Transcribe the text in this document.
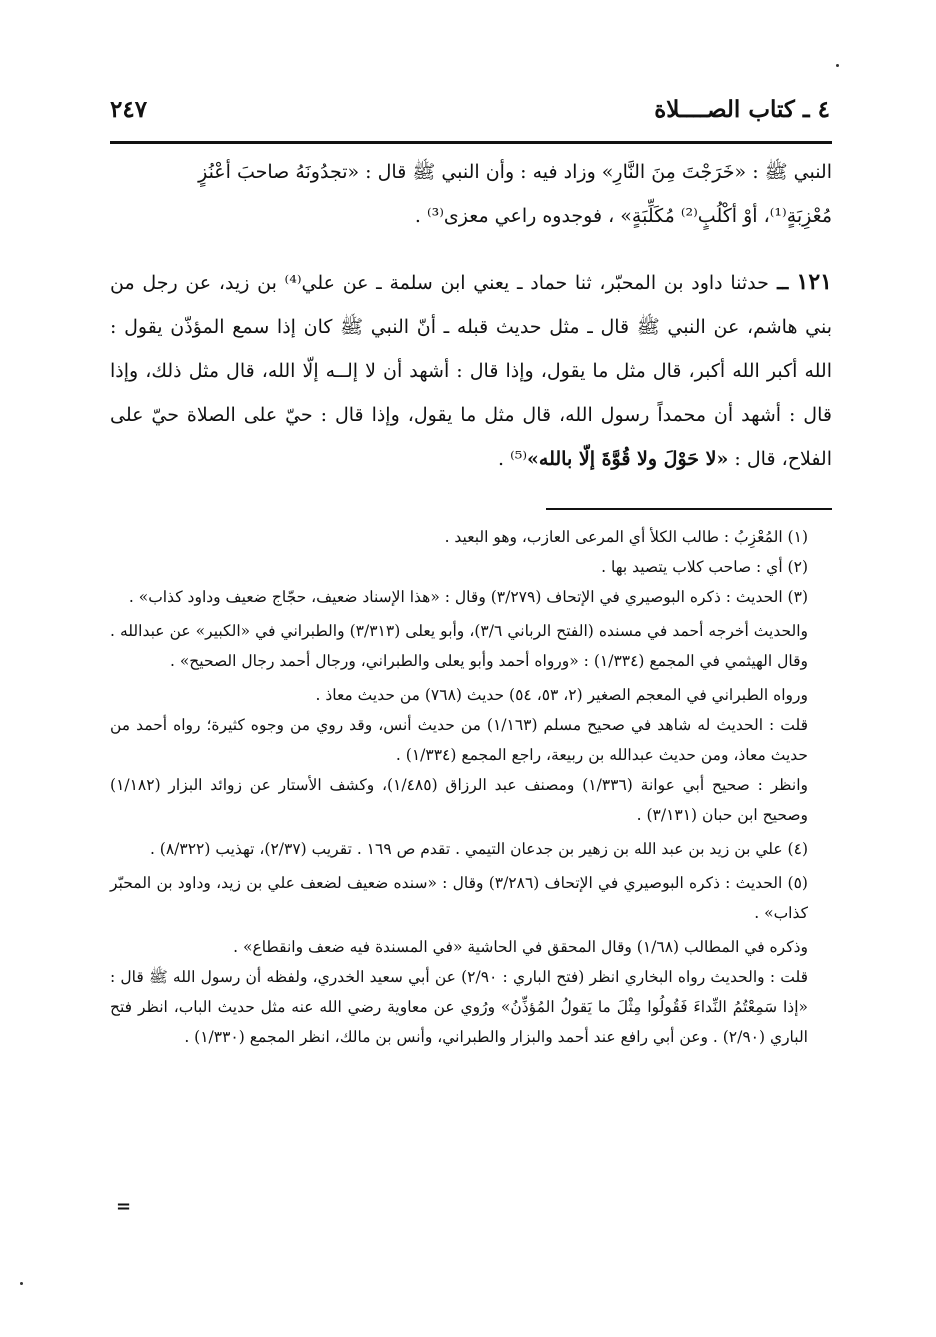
٤ ـ كتاب الصــــلاة
٢٤٧

النبي ﷺ : «خَرَجْتَ مِنَ النَّارِ» وزاد فيه : وأن النبي ﷺ قال : «تجدُونَهُ صاحبَ أعْنُزٍ

مُعْزِبَةٍ⁽¹⁾، أوْ أكْلُبٍ⁽²⁾ مُكَلِّبَةٍ» ، فوجدوه راعي معزى⁽³⁾ .

١٢١ ــ حدثنا داود بن المحبّر، ثنا حماد ـ يعني ابن سلمة ـ عن علي⁽⁴⁾ بن زيد، عن رجل من بني هاشم، عن النبي ﷺ قال ـ مثل حديث قبله ـ أنّ النبي ﷺ كان إذا سمع المؤذّن يقول : الله أكبر الله أكبر، قال مثل ما يقول، وإذا قال : أشهد أن لا إلــه إلّا الله، قال مثل ذلك، وإذا قال : أشهد أن محمداً رسول الله، قال مثل ما يقول، وإذا قال : حيّ على الصلاة حيّ على الفلاح، قال : «لا حَوْلَ ولا قُوَّةَ إلّا بالله»⁽⁵⁾ .

(١) المُعْزِبُ : طالب الكلأ أي المرعى العازب، وهو البعيد .

(٢) أي : صاحب كلاب يتصيد بها .

(٣) الحديث : ذكره البوصيري في الإتحاف (٣/٢٧٩) وقال : «هذا الإسناد ضعيف، حجّاج ضعيف وداود كذاب» .

والحديث أخرجه أحمد في مسنده (الفتح الرباني ٣/٦)، وأبو يعلى (٣/٣١٣) والطبراني في «الكبير» عن عبدالله . وقال الهيثمي في المجمع (١/٣٣٤) : «ورواه أحمد وأبو يعلى والطبراني، ورجال أحمد رجال الصحيح» .

ورواه الطبراني في المعجم الصغير (٢، ٥٣، ٥٤) حديث (٧٦٨) من حديث معاذ .

قلت : الحديث له شاهد في صحيح مسلم (١/١٦٣) من حديث أنس، وقد روي من وجوه كثيرة؛ رواه أحمد من حديث معاذ، ومن حديث عبدالله بن ربيعة، راجع المجمع (١/٣٣٤) .

وانظر : صحيح أبي عوانة (١/٣٣٦) ومصنف عبد الرزاق (١/٤٨٥)، وكشف الأستار عن زوائد البزار (١/١٨٢) وصحيح ابن حبان (٣/١٣١) .

(٤) علي بن زيد بن عبد الله بن زهير بن جدعان التيمي . تقدم ص ١٦٩ . تقريب (٢/٣٧)، تهذيب (٨/٣٢٢) .

(٥) الحديث : ذكره البوصيري في الإتحاف (٣/٢٨٦) وقال : «سنده ضعيف لضعف علي بن زيد، وداود بن المحبّر كذاب» .

وذكره في المطالب (١/٦٨) وقال المحقق في الحاشية «في المسندة فيه ضعف وانقطاع» .

قلت : والحديث رواه البخاري انظر (فتح الباري : ٢/٩٠) عن أبي سعيد الخدري، ولفظه أن رسول الله ﷺ قال : «إذا سَمِعْتُمُ النِّداءَ فَقُولُوا مِثْلَ ما يَقولُ المُؤذِّنُ» ورُوي عن معاوية رضي الله عنه مثل حديث الباب، انظر فتح الباري (٢/٩٠) . وعن أبي رافع عند أحمد والبزار والطبراني، وأنس بن مالك، انظر المجمع (١/٣٣٠) .

=
